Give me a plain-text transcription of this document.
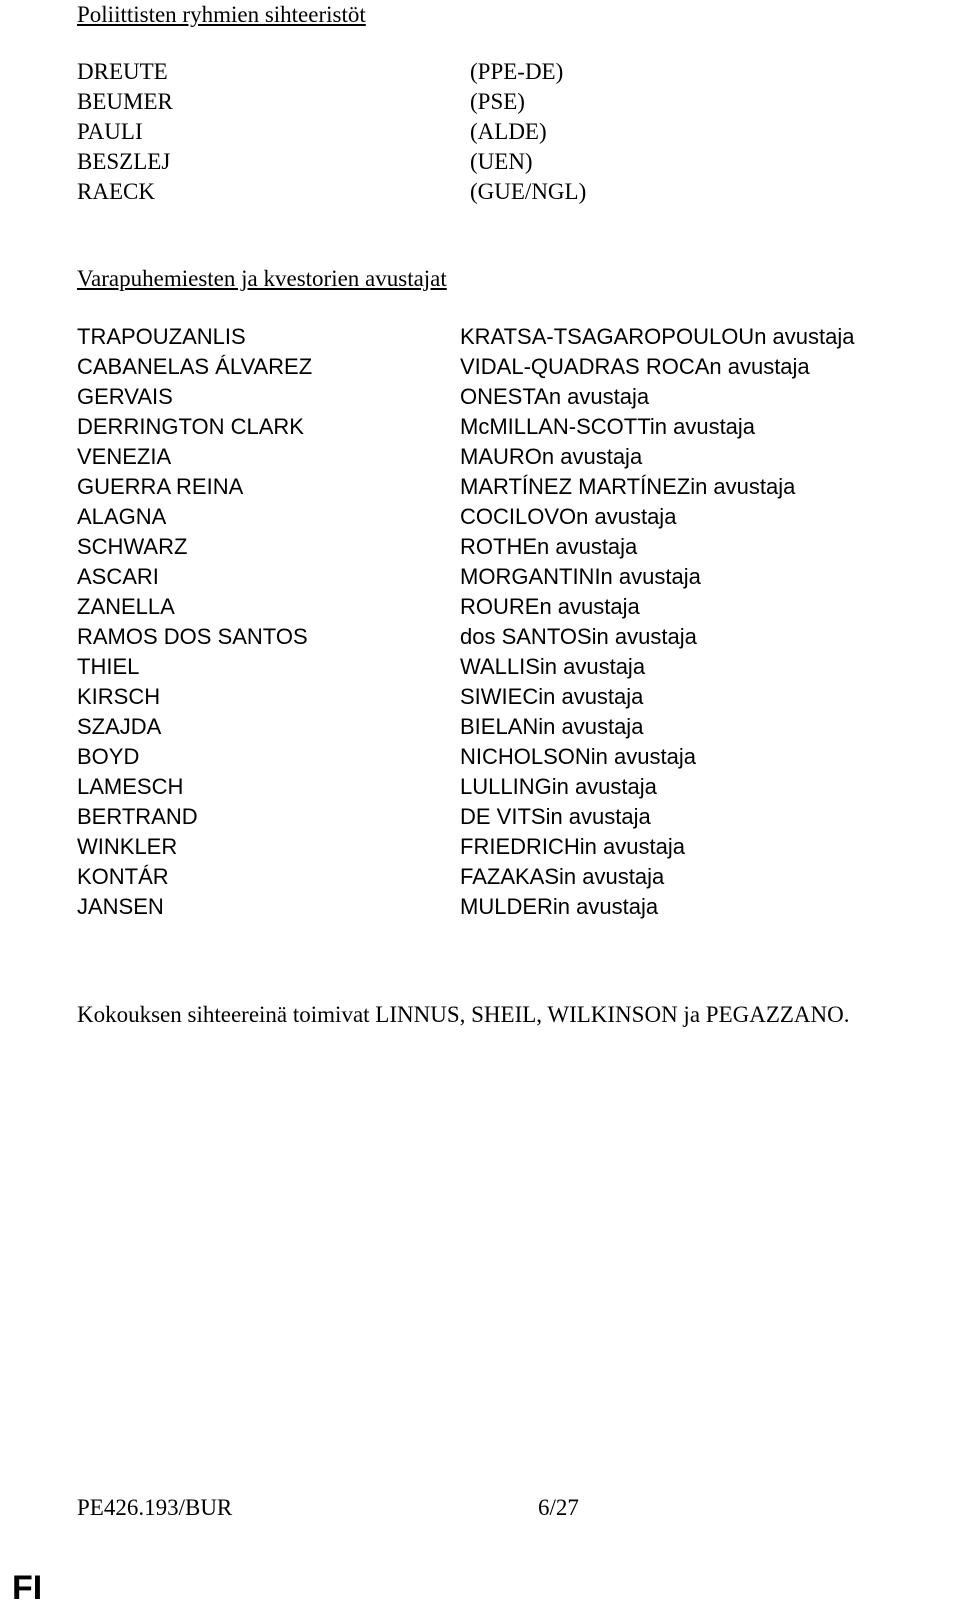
Poliittisten ryhmien sihteeristöt
DREUTE
BEUMER
PAULI
BESZLEJ
RAECK
(PPE-DE)
(PSE)
(ALDE)
(UEN)
(GUE/NGL)
Varapuhemiesten ja kvestorien avustajat
TRAPOUZANLIS
CABANELAS ÁLVAREZ
GERVAIS
DERRINGTON CLARK
VENEZIA
GUERRA REINA
ALAGNA
SCHWARZ
ASCARI
ZANELLA
RAMOS DOS SANTOS
THIEL
KIRSCH
SZAJDA
BOYD
LAMESCH
BERTRAND
WINKLER
KONTÁR
JANSEN
KRATSA-TSAGAROPOULOUn avustaja
VIDAL-QUADRAS ROCAn avustaja
ONESTAn avustaja
McMILLAN-SCOTTin avustaja
MAUROn avustaja
MARTÍNEZ MARTÍNEZin avustaja
COCILOVOn avustaja
ROTHEn avustaja
MORGANTINIn avustaja
ROUREn avustaja
dos SANTOSin avustaja
WALLISin avustaja
SIWIECin avustaja
BIELANin avustaja
NICHOLSONin avustaja
LULLINGin avustaja
DE VITSin avustaja
FRIEDRICHin avustaja
FAZAKASin avustaja
MULDERin avustaja

Kokouksen sihteereinä toimivat LINNUS, SHEIL, WILKINSON ja PEGAZZANO.

PE426.193/BUR	6/27
FI
